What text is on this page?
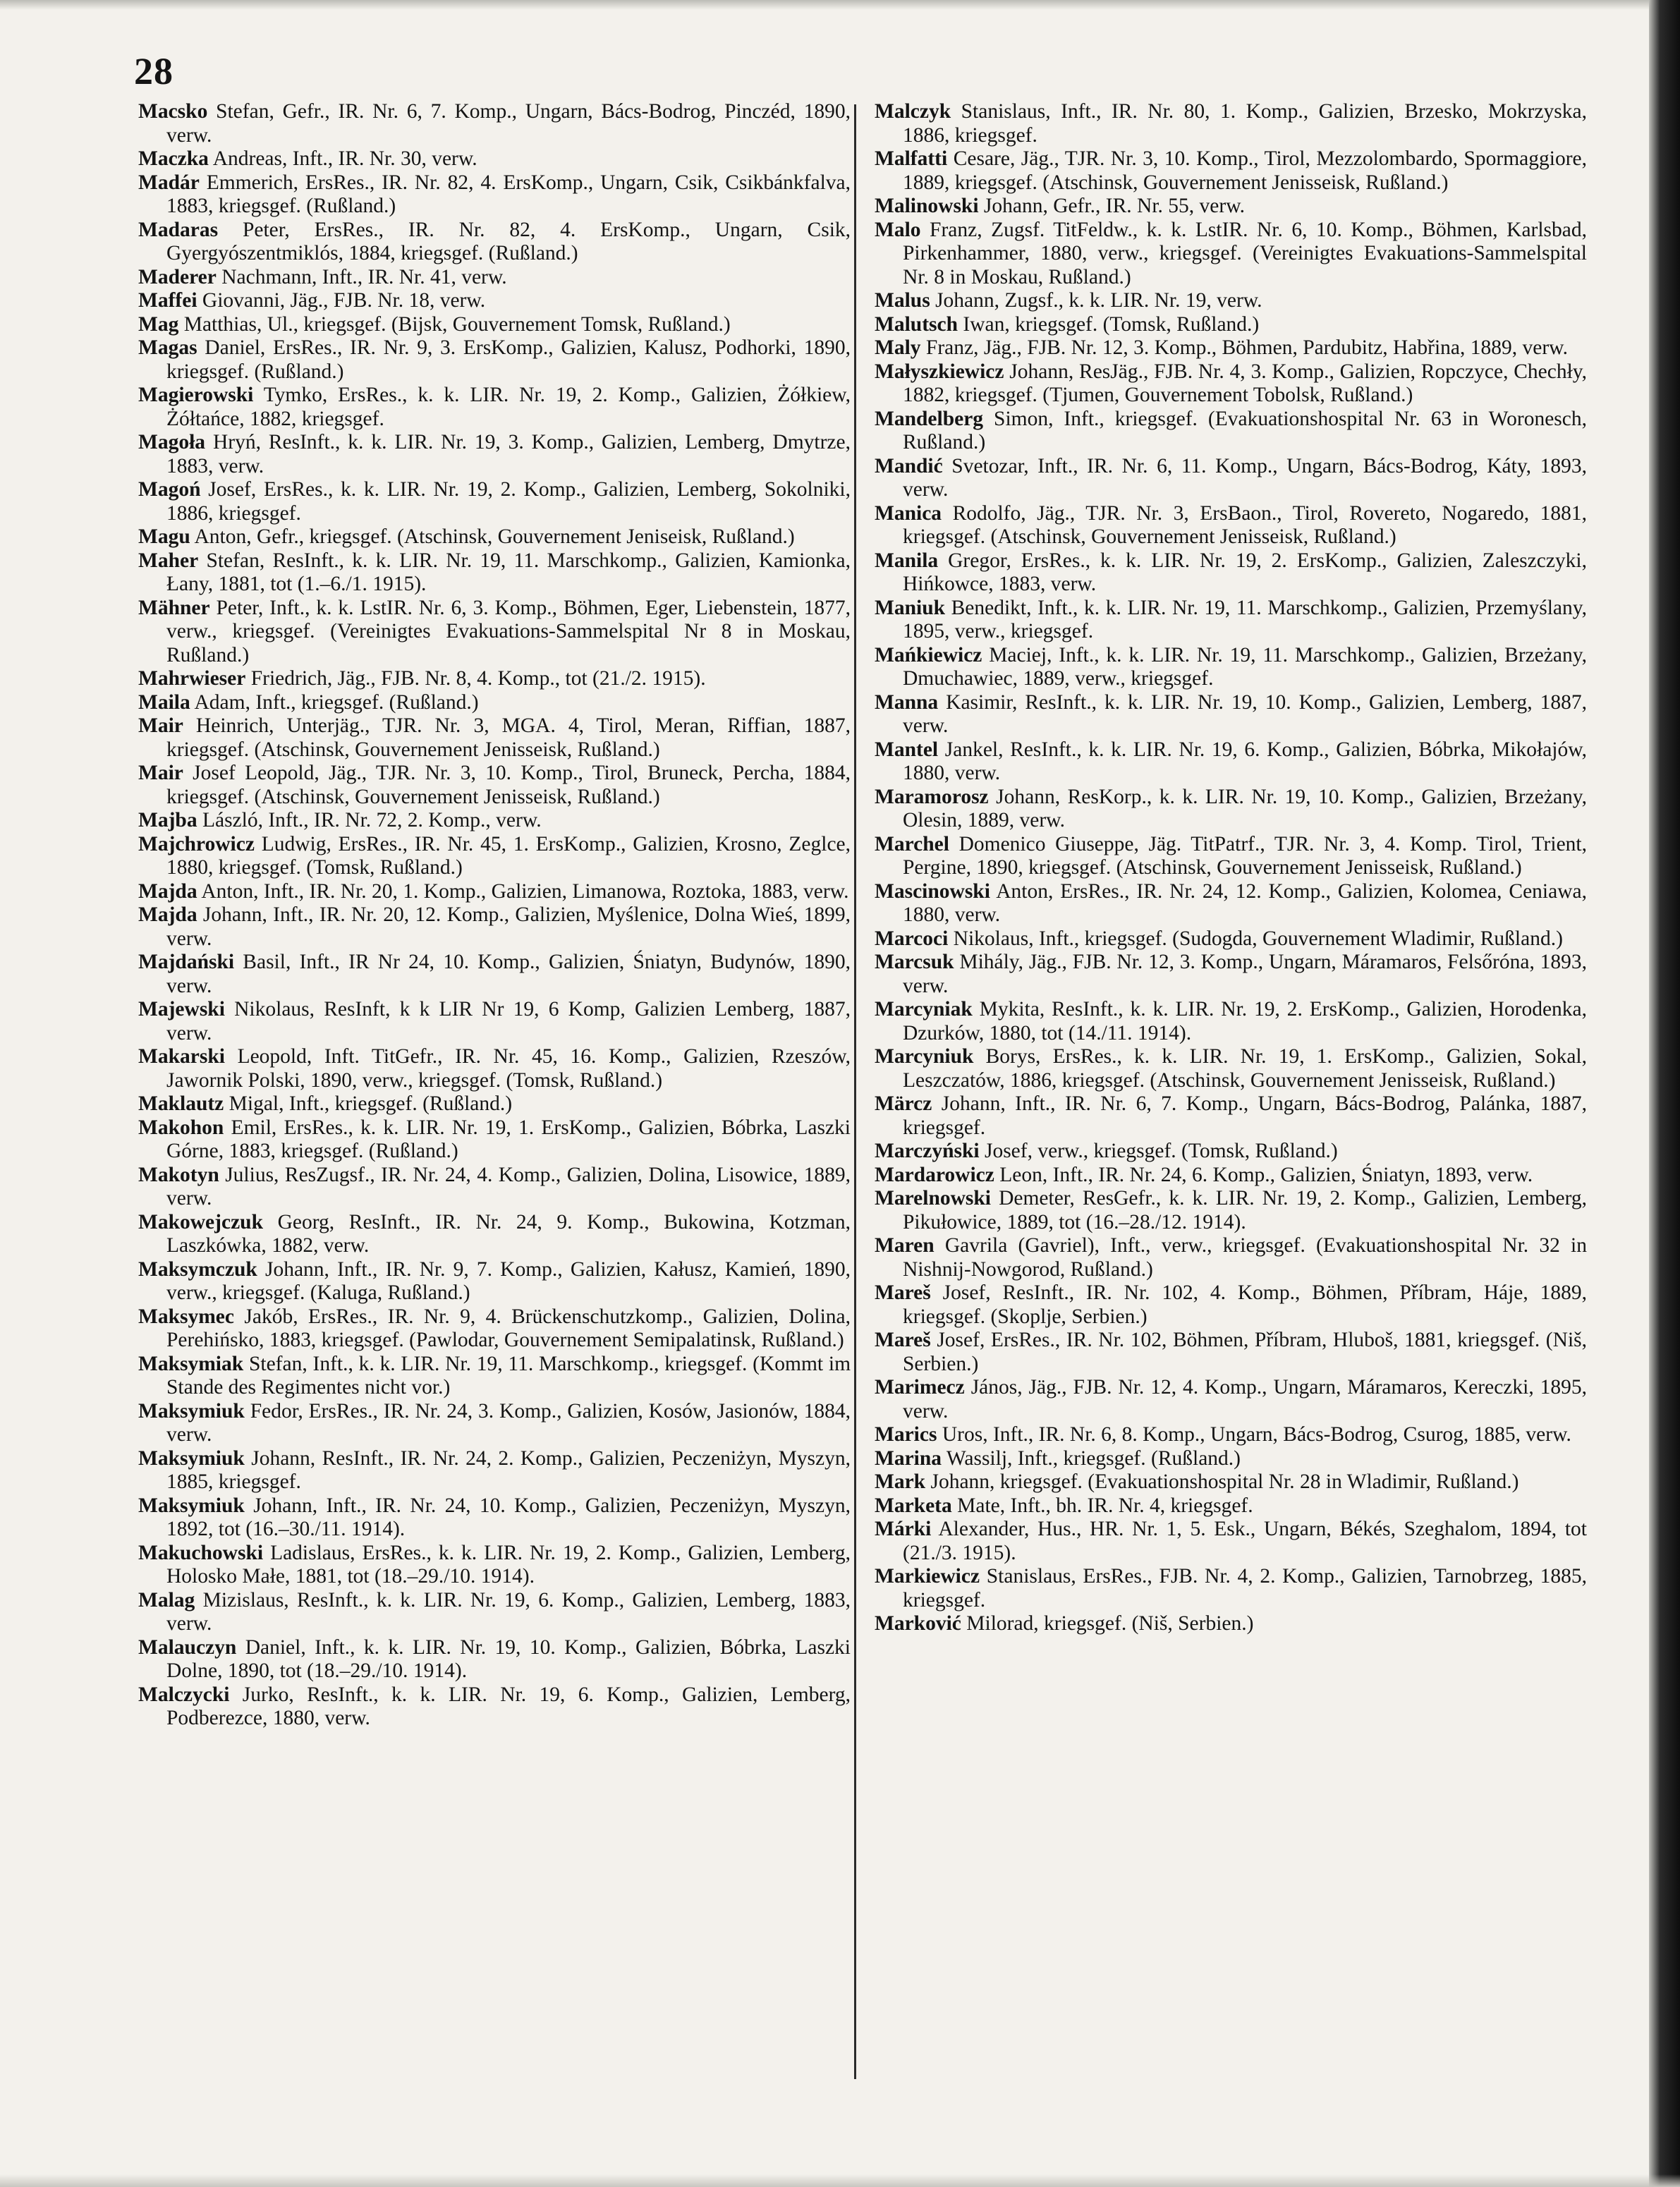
28

Macsko Stefan, Gefr., IR. Nr. 6, 7. Komp., Ungarn, Bács-Bodrog, Pinczéd, 1890, verw.

Maczka Andreas, Inft., IR. Nr. 30, verw.

Madár Emmerich, ErsRes., IR. Nr. 82, 4. ErsKomp., Ungarn, Csik, Csikbánkfalva, 1883, kriegsgef. (Rußland.)

Madaras Peter, ErsRes., IR. Nr. 82, 4. ErsKomp., Ungarn, Csik, Gyergyószentmiklós, 1884, kriegsgef. (Rußland.)

Maderer Nachmann, Inft., IR. Nr. 41, verw.

Maffei Giovanni, Jäg., FJB. Nr. 18, verw.

Mag Matthias, Ul., kriegsgef. (Bijsk, Gouvernement Tomsk, Rußland.)

Magas Daniel, ErsRes., IR. Nr. 9, 3. ErsKomp., Galizien, Kalusz, Podhorki, 1890, kriegsgef. (Rußland.)

Magierowski Tymko, ErsRes., k. k. LIR. Nr. 19, 2. Komp., Galizien, Żółkiew, Żółtańce, 1882, kriegsgef.

Magoła Hryń, ResInft., k. k. LIR. Nr. 19, 3. Komp., Galizien, Lemberg, Dmytrze, 1883, verw.

Magoń Josef, ErsRes., k. k. LIR. Nr. 19, 2. Komp., Galizien, Lemberg, Sokolniki, 1886, kriegsgef.

Magu Anton, Gefr., kriegsgef. (Atschinsk, Gouvernement Jeniseisk, Rußland.)

Maher Stefan, ResInft., k. k. LIR. Nr. 19, 11. Marschkomp., Galizien, Kamionka, Łany, 1881, tot (1.–6./1. 1915).

Mähner Peter, Inft., k. k. LstIR. Nr. 6, 3. Komp., Böhmen, Eger, Liebenstein, 1877, verw., kriegsgef. (Vereinigtes Evakuations-Sammelspital Nr 8 in Moskau, Rußland.)

Mahrwieser Friedrich, Jäg., FJB. Nr. 8, 4. Komp., tot (21./2. 1915).

Maila Adam, Inft., kriegsgef. (Rußland.)

Mair Heinrich, Unterjäg., TJR. Nr. 3, MGA. 4, Tirol, Meran, Riffian, 1887, kriegsgef. (Atschinsk, Gouvernement Jenisseisk, Rußland.)

Mair Josef Leopold, Jäg., TJR. Nr. 3, 10. Komp., Tirol, Bruneck, Percha, 1884, kriegsgef. (Atschinsk, Gouvernement Jenisseisk, Rußland.)

Majba László, Inft., IR. Nr. 72, 2. Komp., verw.

Majchrowicz Ludwig, ErsRes., IR. Nr. 45, 1. ErsKomp., Galizien, Krosno, Zeglce, 1880, kriegsgef. (Tomsk, Rußland.)

Majda Anton, Inft., IR. Nr. 20, 1. Komp., Galizien, Limanowa, Roztoka, 1883, verw.

Majda Johann, Inft., IR. Nr. 20, 12. Komp., Galizien, Myślenice, Dolna Wieś, 1899, verw.

Majdański Basil, Inft., IR Nr 24, 10. Komp., Galizien, Śniatyn, Budynów, 1890, verw.

Majewski Nikolaus, ResInft, k k LIR Nr 19, 6 Komp, Galizien Lemberg, 1887, verw.

Makarski Leopold, Inft. TitGefr., IR. Nr. 45, 16. Komp., Galizien, Rzeszów, Jawornik Polski, 1890, verw., kriegsgef. (Tomsk, Rußland.)

Maklautz Migal, Inft., kriegsgef. (Rußland.)

Makohon Emil, ErsRes., k. k. LIR. Nr. 19, 1. ErsKomp., Galizien, Bóbrka, Laszki Górne, 1883, kriegsgef. (Rußland.)

Makotyn Julius, ResZugsf., IR. Nr. 24, 4. Komp., Galizien, Dolina, Lisowice, 1889, verw.

Makowejczuk Georg, ResInft., IR. Nr. 24, 9. Komp., Bukowina, Kotzman, Laszkówka, 1882, verw.

Maksymczuk Johann, Inft., IR. Nr. 9, 7. Komp., Galizien, Kałusz, Kamień, 1890, verw., kriegsgef. (Kaluga, Rußland.)

Maksymec Jakób, ErsRes., IR. Nr. 9, 4. Brückenschutzkomp., Galizien, Dolina, Perehińsko, 1883, kriegsgef. (Pawlodar, Gouvernement Semipalatinsk, Rußland.)

Maksymiak Stefan, Inft., k. k. LIR. Nr. 19, 11. Marschkomp., kriegsgef. (Kommt im Stande des Regimentes nicht vor.)

Maksymiuk Fedor, ErsRes., IR. Nr. 24, 3. Komp., Galizien, Kosów, Jasionów, 1884, verw.

Maksymiuk Johann, ResInft., IR. Nr. 24, 2. Komp., Galizien, Peczeniżyn, Myszyn, 1885, kriegsgef.

Maksymiuk Johann, Inft., IR. Nr. 24, 10. Komp., Galizien, Peczeniżyn, Myszyn, 1892, tot (16.–30./11. 1914).

Makuchowski Ladislaus, ErsRes., k. k. LIR. Nr. 19, 2. Komp., Galizien, Lemberg, Holosko Małe, 1881, tot (18.–29./10. 1914).

Malag Mizislaus, ResInft., k. k. LIR. Nr. 19, 6. Komp., Galizien, Lemberg, 1883, verw.

Malauczyn Daniel, Inft., k. k. LIR. Nr. 19, 10. Komp., Galizien, Bóbrka, Laszki Dolne, 1890, tot (18.–29./10. 1914).

Malczycki Jurko, ResInft., k. k. LIR. Nr. 19, 6. Komp., Galizien, Lemberg, Podberezce, 1880, verw.

Malczyk Stanislaus, Inft., IR. Nr. 80, 1. Komp., Galizien, Brzesko, Mokrzyska, 1886, kriegsgef.

Malfatti Cesare, Jäg., TJR. Nr. 3, 10. Komp., Tirol, Mezzolombardo, Spormaggiore, 1889, kriegsgef. (Atschinsk, Gouvernement Jenisseisk, Rußland.)

Malinowski Johann, Gefr., IR. Nr. 55, verw.

Malo Franz, Zugsf. TitFeldw., k. k. LstIR. Nr. 6, 10. Komp., Böhmen, Karlsbad, Pirkenhammer, 1880, verw., kriegsgef. (Vereinigtes Evakuations-Sammelspital Nr. 8 in Moskau, Rußland.)

Malus Johann, Zugsf., k. k. LIR. Nr. 19, verw.

Malutsch Iwan, kriegsgef. (Tomsk, Rußland.)

Maly Franz, Jäg., FJB. Nr. 12, 3. Komp., Böhmen, Pardubitz, Habřina, 1889, verw.

Małyszkiewicz Johann, ResJäg., FJB. Nr. 4, 3. Komp., Galizien, Ropczyce, Chechły, 1882, kriegsgef. (Tjumen, Gouvernement Tobolsk, Rußland.)

Mandelberg Simon, Inft., kriegsgef. (Evakuationshospital Nr. 63 in Woronesch, Rußland.)

Mandić Svetozar, Inft., IR. Nr. 6, 11. Komp., Ungarn, Bács-Bodrog, Káty, 1893, verw.

Manica Rodolfo, Jäg., TJR. Nr. 3, ErsBaon., Tirol, Rovereto, Nogaredo, 1881, kriegsgef. (Atschinsk, Gouvernement Jenisseisk, Rußland.)

Manila Gregor, ErsRes., k. k. LIR. Nr. 19, 2. ErsKomp., Galizien, Zaleszczyki, Hińkowce, 1883, verw.

Maniuk Benedikt, Inft., k. k. LIR. Nr. 19, 11. Marschkomp., Galizien, Przemyślany, 1895, verw., kriegsgef.

Mańkiewicz Maciej, Inft., k. k. LIR. Nr. 19, 11. Marschkomp., Galizien, Brzeżany, Dmuchawiec, 1889, verw., kriegsgef.

Manna Kasimir, ResInft., k. k. LIR. Nr. 19, 10. Komp., Galizien, Lemberg, 1887, verw.

Mantel Jankel, ResInft., k. k. LIR. Nr. 19, 6. Komp., Galizien, Bóbrka, Mikołajów, 1880, verw.

Maramorosz Johann, ResKorp., k. k. LIR. Nr. 19, 10. Komp., Galizien, Brzeżany, Olesin, 1889, verw.

Marchel Domenico Giuseppe, Jäg. TitPatrf., TJR. Nr. 3, 4. Komp. Tirol, Trient, Pergine, 1890, kriegsgef. (Atschinsk, Gouvernement Jenisseisk, Rußland.)

Mascinowski Anton, ErsRes., IR. Nr. 24, 12. Komp., Galizien, Kolomea, Ceniawa, 1880, verw.

Marcoci Nikolaus, Inft., kriegsgef. (Sudogda, Gouvernement Wladimir, Rußland.)

Marcsuk Mihály, Jäg., FJB. Nr. 12, 3. Komp., Ungarn, Máramaros, Felsőróna, 1893, verw.

Marcyniak Mykita, ResInft., k. k. LIR. Nr. 19, 2. ErsKomp., Galizien, Horodenka, Dzurków, 1880, tot (14./11. 1914).

Marcyniuk Borys, ErsRes., k. k. LIR. Nr. 19, 1. ErsKomp., Galizien, Sokal, Leszczatów, 1886, kriegsgef. (Atschinsk, Gouvernement Jenisseisk, Rußland.)

Märcz Johann, Inft., IR. Nr. 6, 7. Komp., Ungarn, Bács-Bodrog, Palánka, 1887, kriegsgef.

Marczyński Josef, verw., kriegsgef. (Tomsk, Rußland.)

Mardarowicz Leon, Inft., IR. Nr. 24, 6. Komp., Galizien, Śniatyn, 1893, verw.

Marelnowski Demeter, ResGefr., k. k. LIR. Nr. 19, 2. Komp., Galizien, Lemberg, Pikułowice, 1889, tot (16.–28./12. 1914).

Maren Gavrila (Gavriel), Inft., verw., kriegsgef. (Evakuationshospital Nr. 32 in Nishnij-Nowgorod, Rußland.)

Mareš Josef, ResInft., IR. Nr. 102, 4. Komp., Böhmen, Příbram, Háje, 1889, kriegsgef. (Skoplje, Serbien.)

Mareš Josef, ErsRes., IR. Nr. 102, Böhmen, Příbram, Hluboš, 1881, kriegsgef. (Niš, Serbien.)

Marimecz János, Jäg., FJB. Nr. 12, 4. Komp., Ungarn, Máramaros, Kereczki, 1895, verw.

Marics Uros, Inft., IR. Nr. 6, 8. Komp., Ungarn, Bács-Bodrog, Csurog, 1885, verw.

Marina Wassilj, Inft., kriegsgef. (Rußland.)

Mark Johann, kriegsgef. (Evakuationshospital Nr. 28 in Wladimir, Rußland.)

Marketa Mate, Inft., bh. IR. Nr. 4, kriegsgef.

Márki Alexander, Hus., HR. Nr. 1, 5. Esk., Ungarn, Békés, Szeghalom, 1894, tot (21./3. 1915).

Markiewicz Stanislaus, ErsRes., FJB. Nr. 4, 2. Komp., Galizien, Tarnobrzeg, 1885, kriegsgef.

Marković Milorad, kriegsgef. (Niš, Serbien.)
